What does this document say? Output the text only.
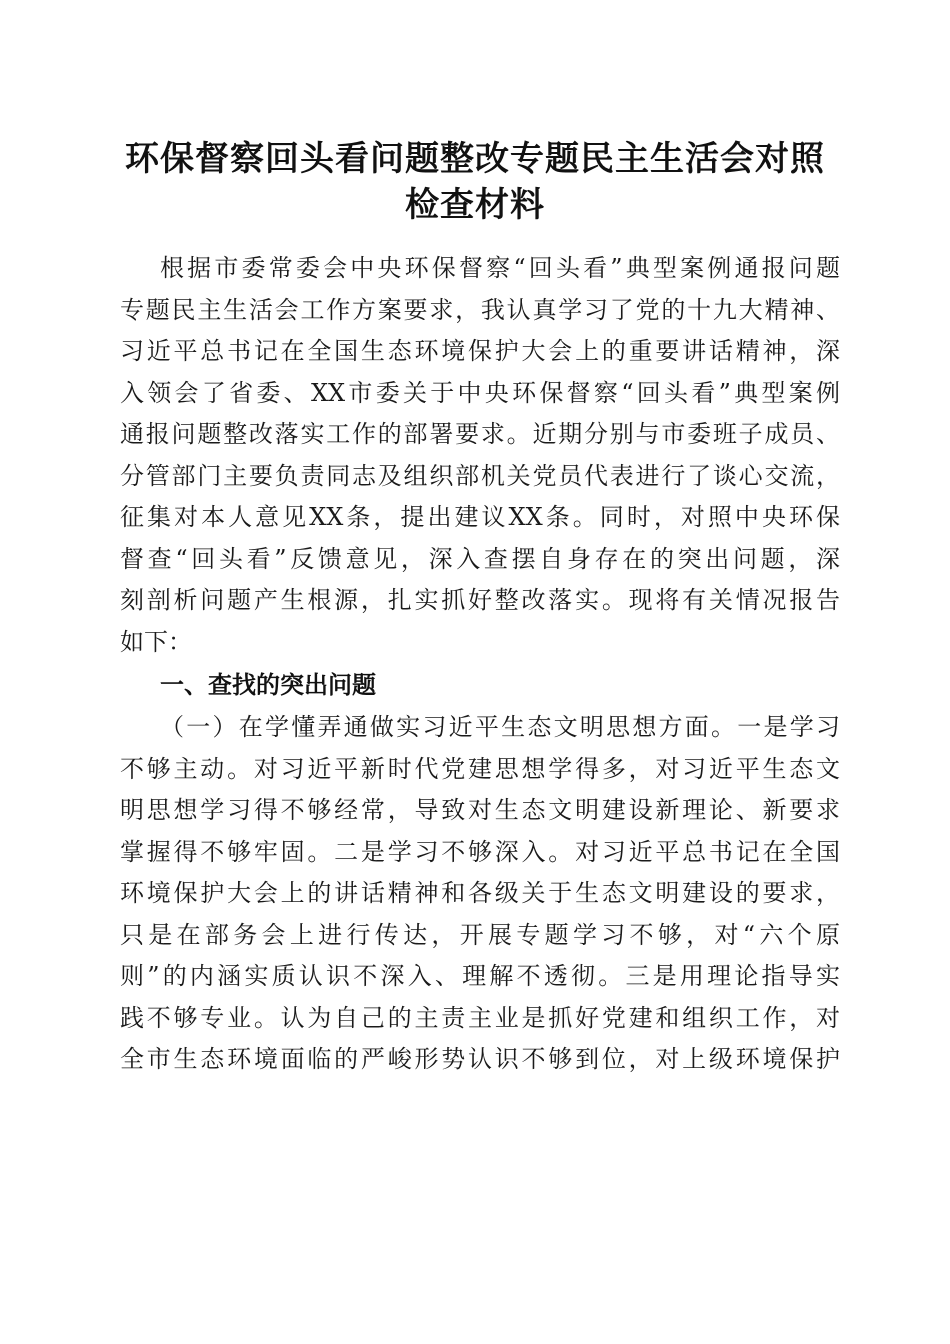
环保督察回头看问题整改专题民主生活会对照
检查材料
根据市委常委会中央环保督察“回头看”典型案例通报问题
专题民主生活会工作方案要求，我认真学习了党的十九大精神、
习近平总书记在全国生态环境保护大会上的重要讲话精神，深
入领会了省委、XX市委关于中央环保督察“回头看”典型案例
通报问题整改落实工作的部署要求。近期分别与市委班子成员、
分管部门主要负责同志及组织部机关党员代表进行了谈心交流，
征集对本人意见XX条，提出建议XX条。同时，对照中央环保
督查“回头看”反馈意见，深入查摆自身存在的突出问题，深
刻剖析问题产生根源，扎实抓好整改落实。现将有关情况报告
如下：
一、查找的突出问题
（一）在学懂弄通做实习近平生态文明思想方面。一是学习
不够主动。对习近平新时代党建思想学得多，对习近平生态文
明思想学习得不够经常，导致对生态文明建设新理论、新要求
掌握得不够牢固。二是学习不够深入。对习近平总书记在全国
环境保护大会上的讲话精神和各级关于生态文明建设的要求，
只是在部务会上进行传达，开展专题学习不够，对“六个原
则”的内涵实质认识不深入、理解不透彻。三是用理论指导实
践不够专业。认为自己的主责主业是抓好党建和组织工作，对
全市生态环境面临的严峻形势认识不够到位，对上级环境保护
